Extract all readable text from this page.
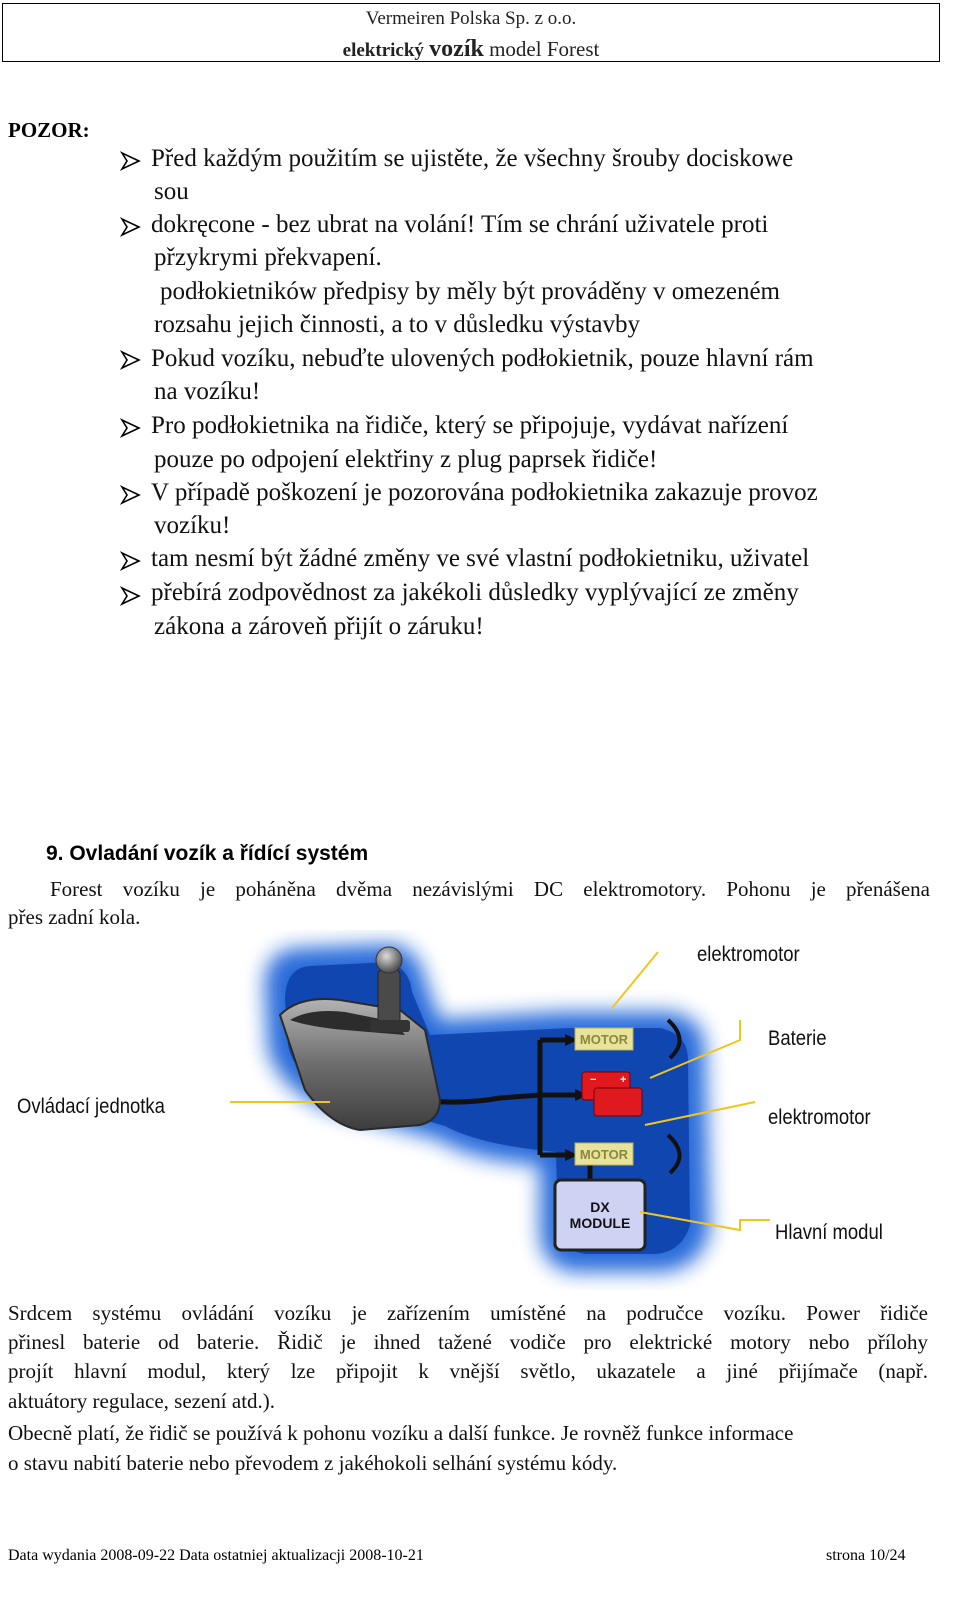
Vermeiren Polska Sp. z o.o.
elektrický vozík model Forest
POZOR:
Před každým použitím se ujistěte, že všechny šrouby dociskowe
sou
dokręcone - bez ubrat na volání! Tím se chrání uživatele proti
přzykrymi překvapení.
podłokietników předpisy by měly být prováděny v omezeném
rozsahu jejich činnosti, a to v důsledku výstavby
Pokud vozíku, nebuďte ulovených podłokietnik, pouze hlavní rám
na vozíku!
Pro podłokietnika na řidiče, který se připojuje, vydávat nařízení
pouze po odpojení elektřiny z plug paprsek řidiče!
V případě poškození je pozorována podłokietnika zakazuje provoz
vozíku!
tam nesmí být žádné změny ve své vlastní podłokietniku, uživatel
přebírá zodpovědnost za jakékoli důsledky vyplývající ze změny
zákona a zároveň přijít o záruku!
9. Ovladání vozík a řídící systém
Forest vozíku je poháněna dvěma nezávislými DC elektromotory. Pohonu je přenášena
přes zadní kola.
MOTOR
− +
MOTOR
DX
MODULE
elektromotor
Baterie
Ovládací jednotka	elektromotor
Hlavní modul
Srdcem systému ovládání vozíku je zařízením umístěné na područce vozíku. Power řidiče
přinesl baterie od baterie. Řidič je ihned tažené vodiče pro elektrické motory nebo přílohy
projít hlavní modul, který lze připojit k vnější světlo, ukazatele a jiné přijímače (např.
aktuátory regulace, sezení atd.).
Obecně platí, že řidič se používá k pohonu vozíku a další funkce. Je rovněž funkce informace
o stavu nabití baterie nebo převodem z jakéhokoli selhání systému kódy.
Data wydania 2008-09-22 Data ostatniej aktualizacji 2008-10-21	strona 10/24
